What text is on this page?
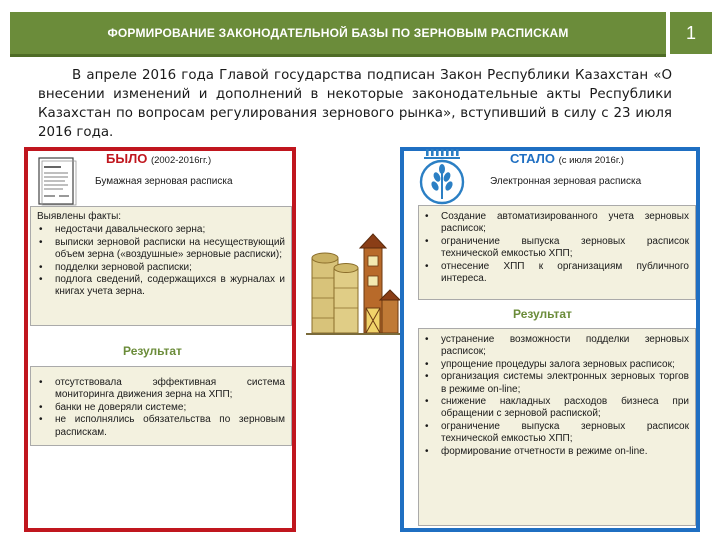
ФОРМИРОВАНИЕ ЗАКОНОДАТЕЛЬНОЙ БАЗЫ ПО ЗЕРНОВЫМ РАСПИСКАМ	1

В апреле 2016 года Главой государства подписан Закон Республики Казахстан «О внесении изменений и дополнений в некоторые законодательные акты Республики Казахстан по вопросам регулирования зернового рынка», вступивший в силу с 23 июля 2016 года.

БЫЛО (2002-2016гг.)
Бумажная зерновая расписка
Выявлены факты:
• недостачи давальческого зерна;
• выписки зерновой расписки на несуществующий объем зерна («воздушные» зерновые расписки);
• подделки зерновой расписки;
• подлога сведений, содержащихся в журналах и книгах учета зерна.
Результат
• отсутствовала эффективная система мониторинга движения зерна на ХПП;
• банки не доверяли системе;
• не исполнялись обязательства по зерновым распискам.
СТАЛО (с июля 2016г.)
Электронная зерновая расписка
• Создание автоматизированного учета зерновых расписок;
• ограничение выпуска зерновых расписок технической емкостью ХПП;
• отнесение ХПП к организациям публичного интереса.
Результат
• устранение возможности подделки зерновых расписок;
• упрощение процедуры залога зерновых расписок;
• организация системы электронных зерновых торгов в режиме on-line;
• снижение накладных расходов бизнеса при обращении с зерновой распиской;
• ограничение выпуска зерновых расписок технической емкостью ХПП;
• формирование отчетности в режиме on-line.
